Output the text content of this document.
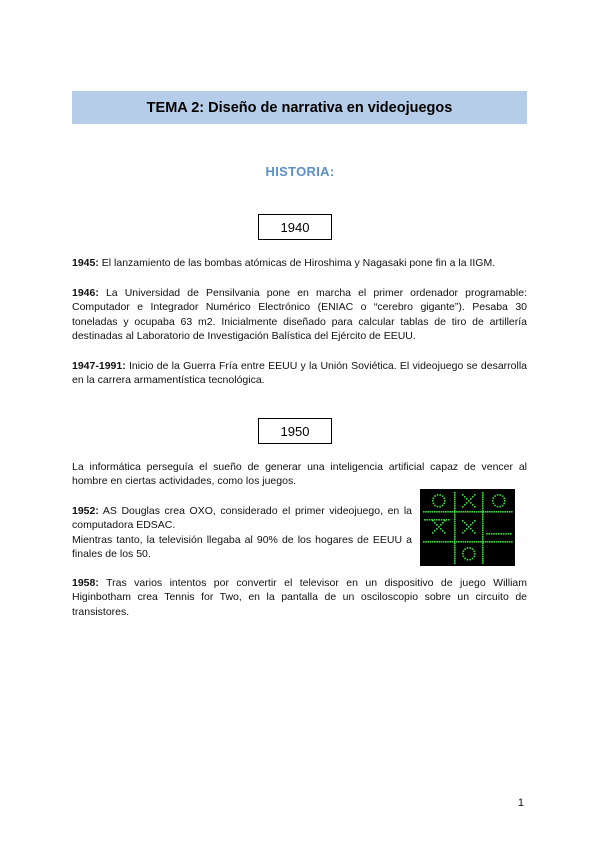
TEMA 2: Diseño de narrativa en videojuegos
HISTORIA:
1940
1945: El lanzamiento de las bombas atómicas de Hiroshima y Nagasaki pone fin a la IIGM.
1946: La Universidad de Pensilvania pone en marcha el primer ordenador programable: Computador e Integrador Numérico Electrónico (ENIAC o “cerebro gigante”). Pesaba 30 toneladas y ocupaba 63 m2. Inicialmente diseñado para calcular tablas de tiro de artillería destinadas al Laboratorio de Investigación Balística del Ejército de EEUU.
1947-1991: Inicio de la Guerra Fría entre EEUU y la Unión Soviética. El videojuego se desarrolla en la carrera armamentística tecnológica.
1950
La informática perseguía el sueño de generar una inteligencia artificial capaz de vencer al hombre en ciertas actividades, como los juegos.
1952: AS Douglas crea OXO, considerado el primer videojuego, en la computadora EDSAC.
Mientras tanto, la televisión llegaba al 90% de los hogares de EEUU a finales de los 50.
1958: Tras varios intentos por convertir el televisor en un dispositivo de juego William Higinbotham crea Tennis for Two, en la pantalla de un osciloscopio sobre un circuito de transistores.
1
